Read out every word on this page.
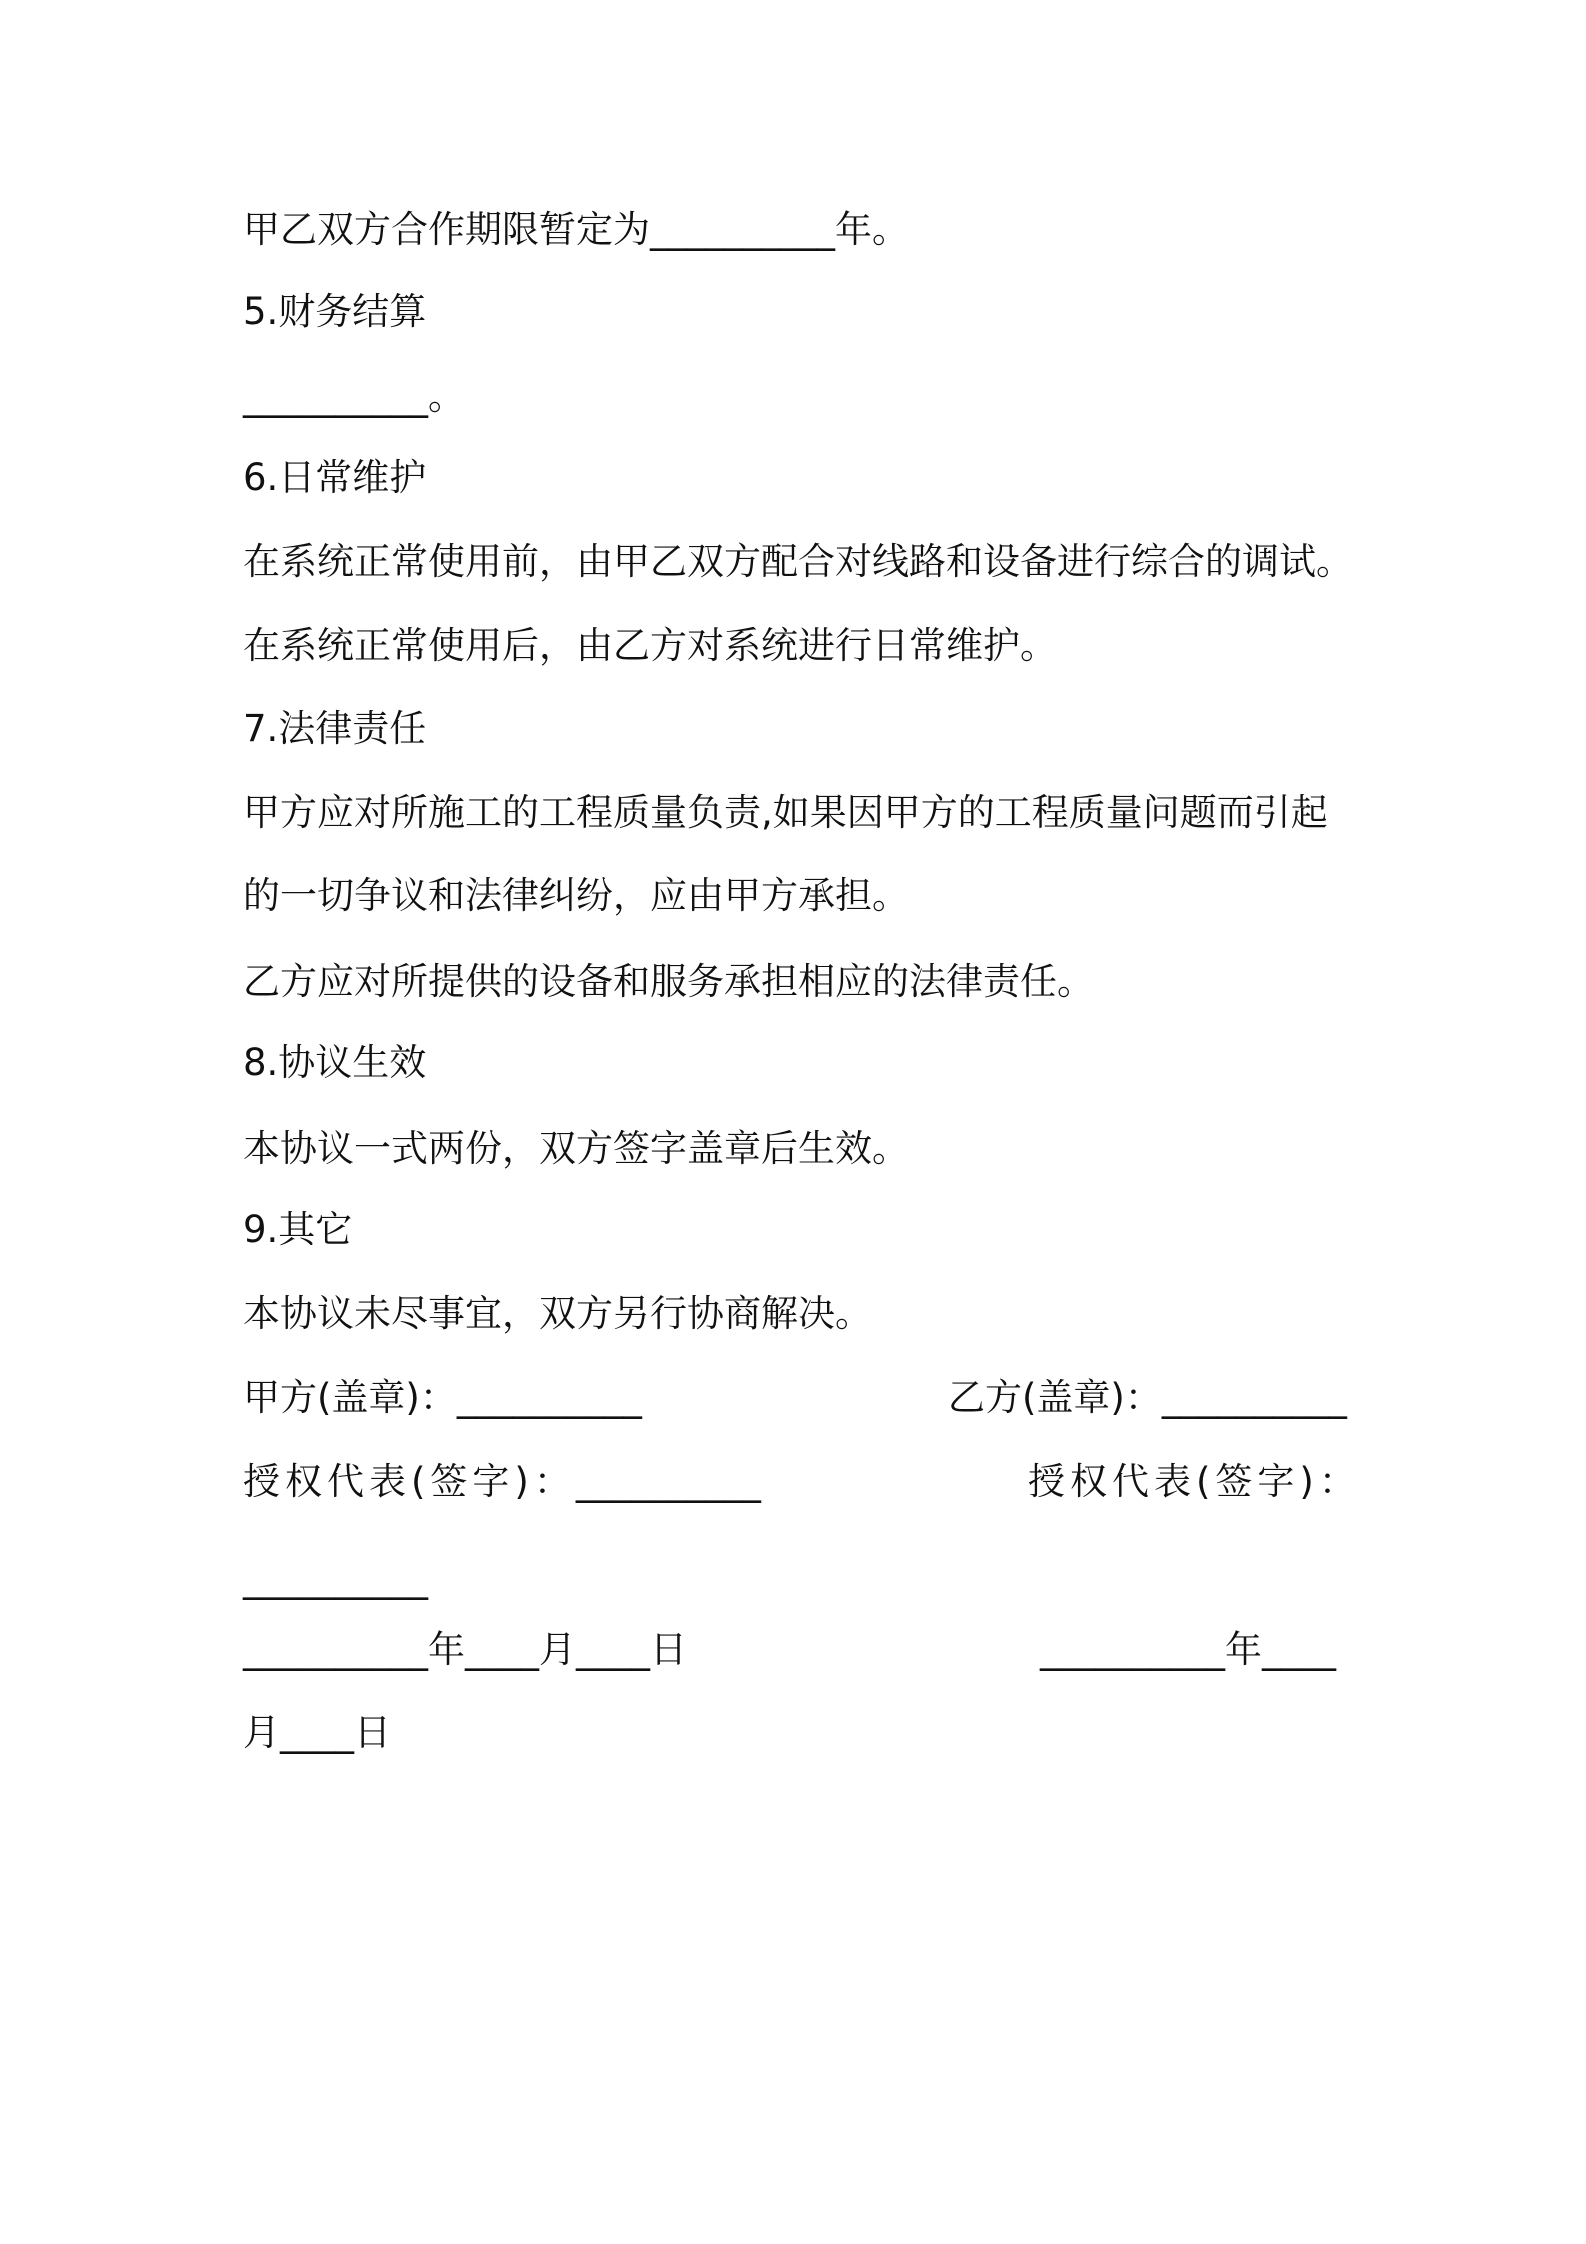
甲乙双方合作期限暂定为__________年。
5.财务结算
__________。
6.日常维护
在系统正常使用前，由甲乙双方配合对线路和设备进行综合的调试。
在系统正常使用后，由乙方对系统进行日常维护。
7.法律责任
甲方应对所施工的工程质量负责,如果因甲方的工程质量问题而引起
的一切争议和法律纠纷，应由甲方承担。
乙方应对所提供的设备和服务承担相应的法律责任。
8.协议生效
本协议一式两份，双方签字盖章后生效。
9.其它
本协议未尽事宜，双方另行协商解决。
甲方(盖章)：__________	乙方(盖章)：__________
授权代表(签字)：__________	授权代表(签字)：
__________
__________年____月____日	__________年____
月____日
